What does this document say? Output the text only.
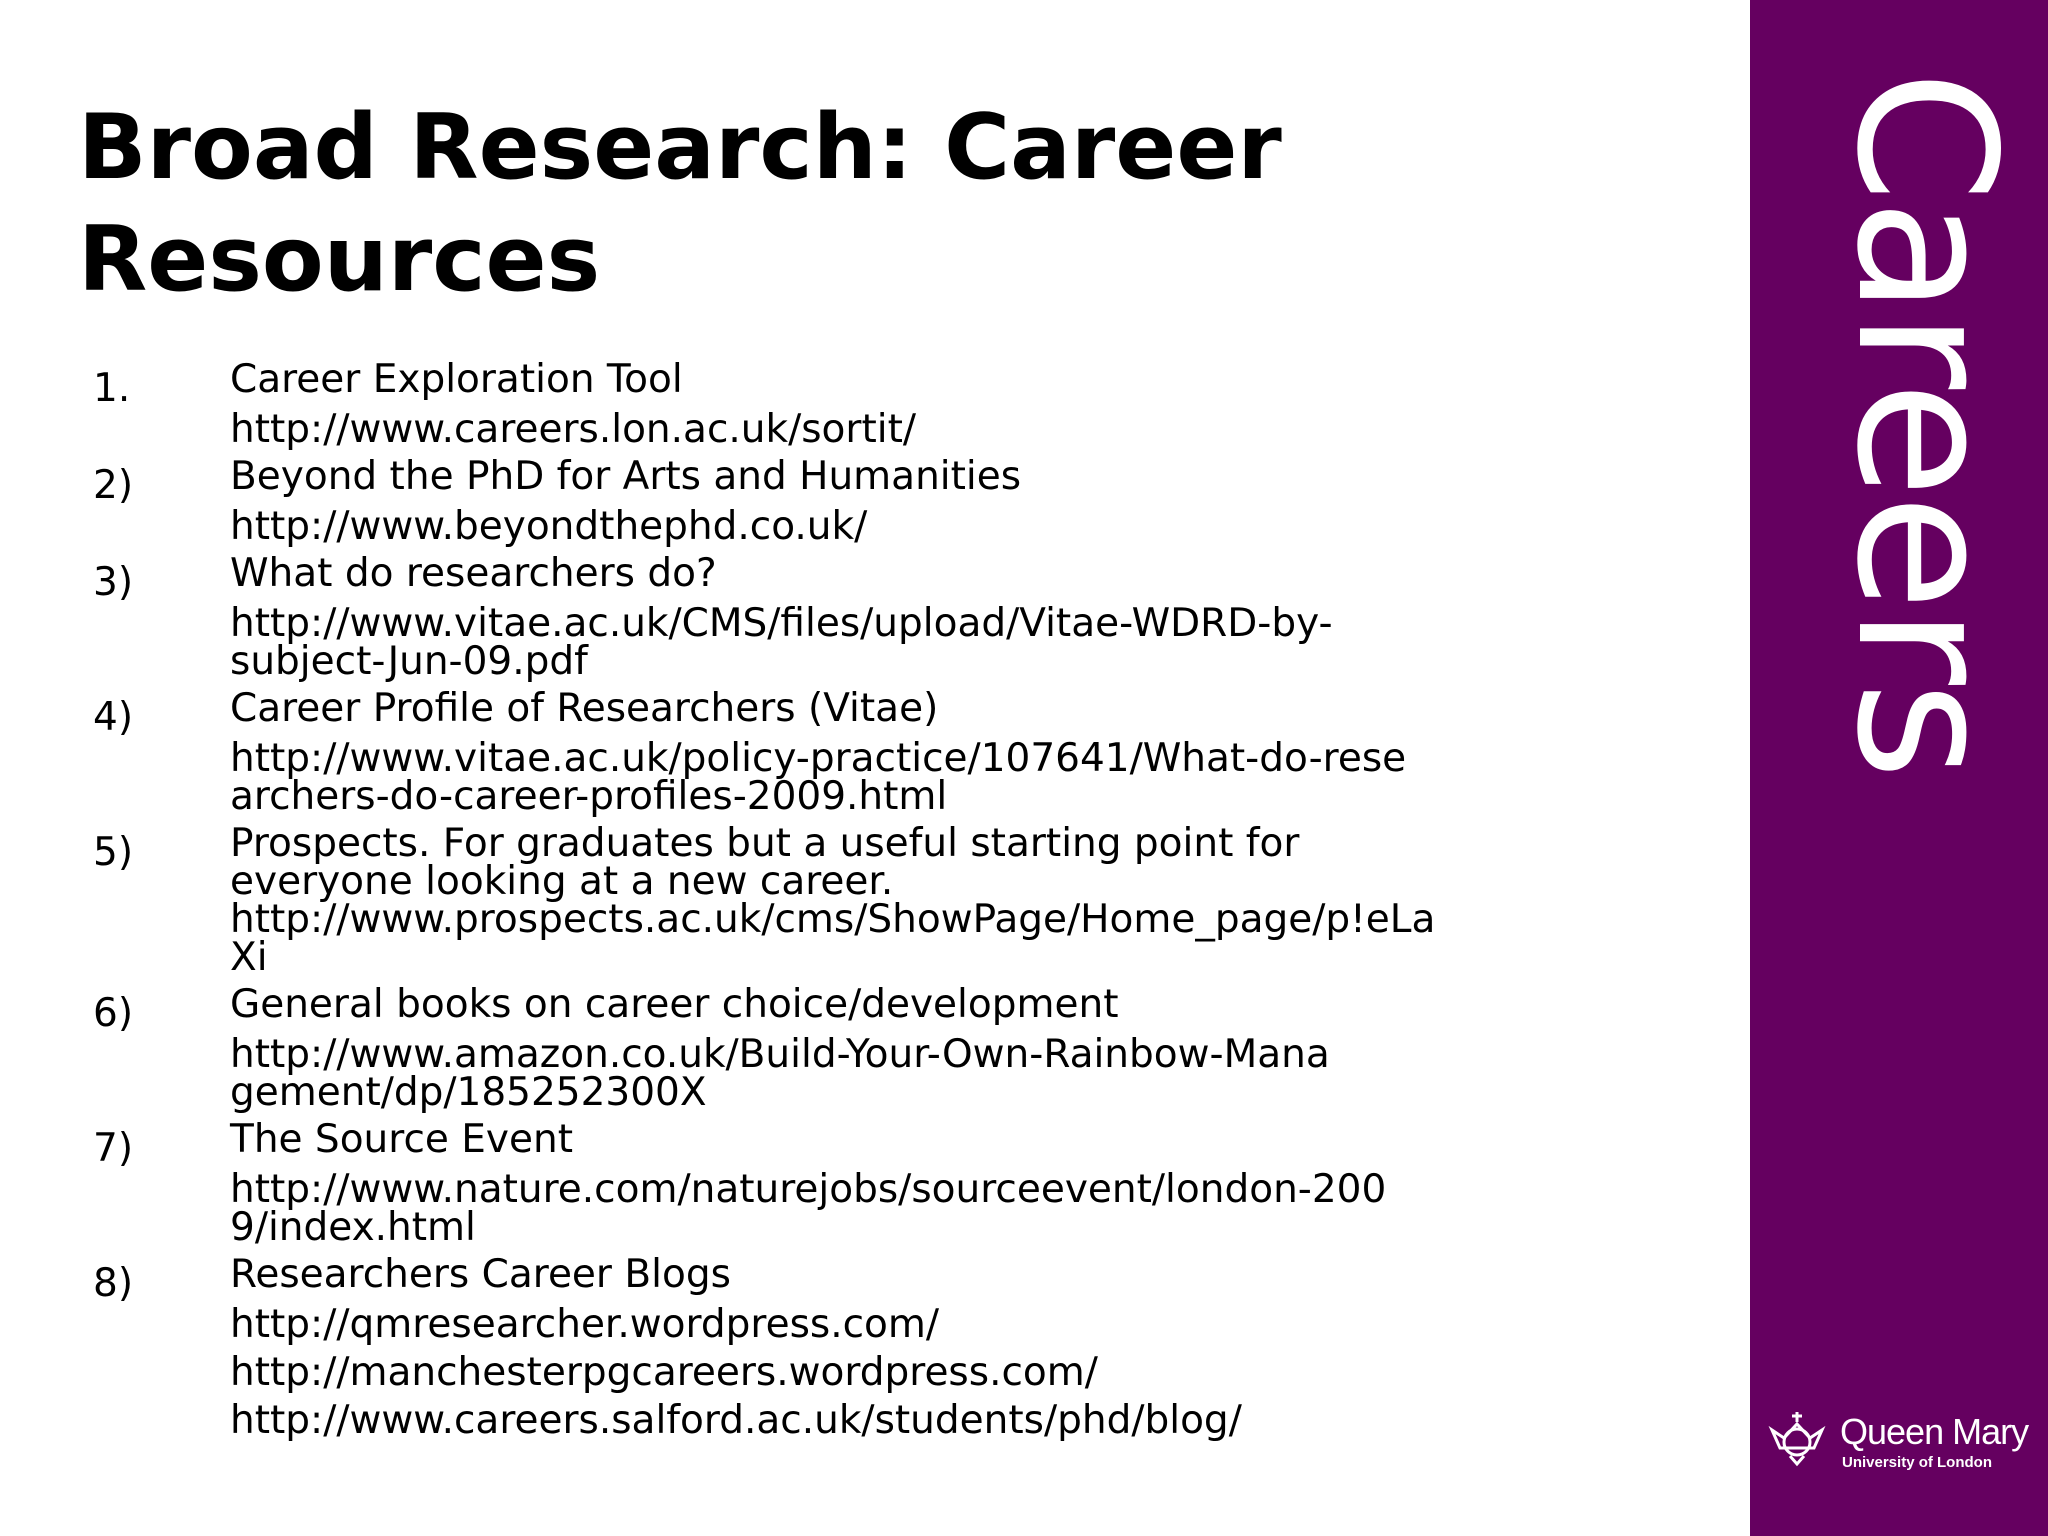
Broad Research: Career Resources
1.	Career Exploration Tool
http://www.careers.lon.ac.uk/sortit/
2) Beyond the PhD for Arts and Humanities
http://www.beyondthephd.co.uk/
3) What do researchers do?
http://www.vitae.ac.uk/CMS/files/upload/Vitae-WDRD-by-subject-Jun-09.pdf
4) Career Profile of Researchers (Vitae)
http://www.vitae.ac.uk/policy-practice/107641/What-do-researchers-do-career-profiles-2009.html
5) Prospects. For graduates but a useful starting point for everyone looking at a new career.
http://www.prospects.ac.uk/cms/ShowPage/Home_page/p!eLaXi
6) General books on career choice/development
http://www.amazon.co.uk/Build-Your-Own-Rainbow-Management/dp/185252300X
7) The Source Event
http://www.nature.com/naturejobs/sourceevent/london-2009/index.html
8) Researchers Career Blogs
http://qmresearcher.wordpress.com/
http://manchesterpgcareers.wordpress.com/
http://www.careers.salford.ac.uk/students/phd/blog/	Queen Mary
University of London
